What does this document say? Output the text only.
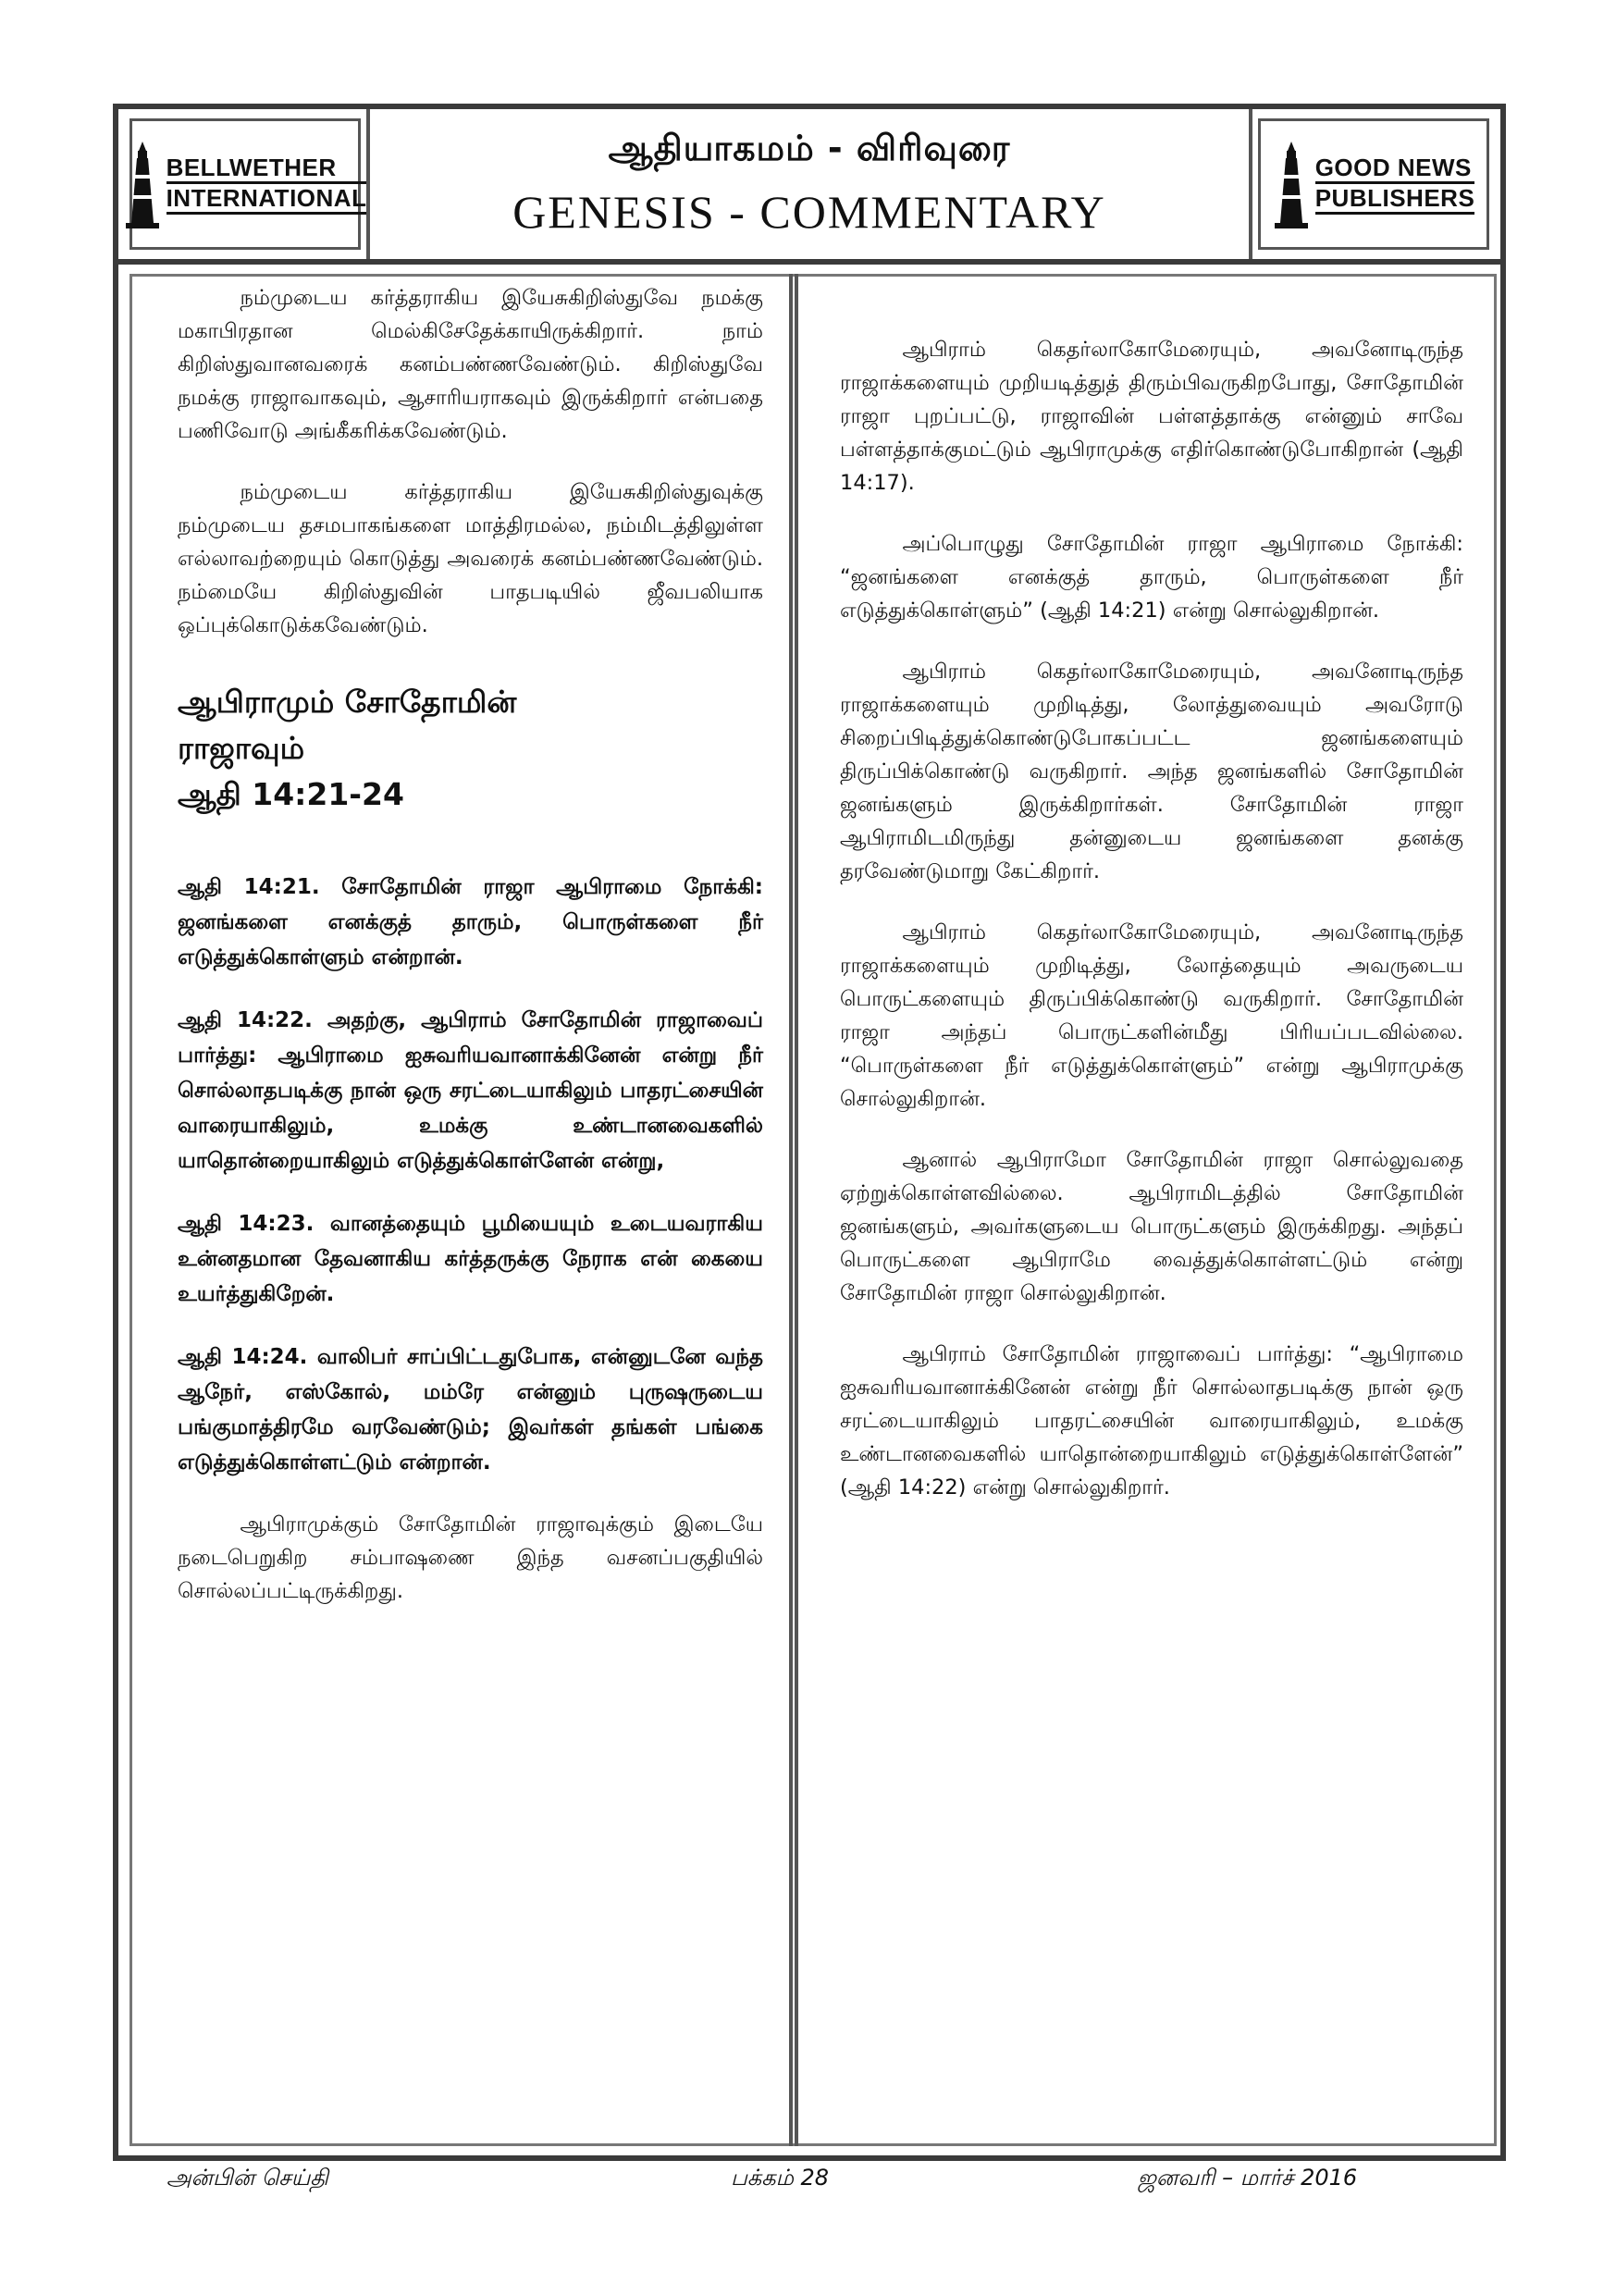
BELLWETHER
INTERNATIONAL
ஆதியாகமம் - விரிவுரை
GENESIS - COMMENTARY
GOOD NEWS
PUBLISHERS

நம்முடைய கர்த்தராகிய இயேசுகிறிஸ்துவே நமக்கு மகாபிரதான மெல்கிசேதேக்காயிருக்கிறார். நாம் கிறிஸ்துவானவரைக் கனம்பண்ணவேண்டும். கிறிஸ்துவே நமக்கு ராஜாவாகவும், ஆசாரியராகவும் இருக்கிறார் என்பதை பணிவோடு அங்கீகரிக்கவேண்டும்.

நம்முடைய கர்த்தராகிய இயேசுகிறிஸ்துவுக்கு நம்முடைய தசமபாகங்களை மாத்திரமல்ல, நம்மிடத்திலுள்ள எல்லாவற்றையும் கொடுத்து அவரைக் கனம்பண்ணவேண்டும். நம்மையே கிறிஸ்துவின் பாதபடியில் ஜீவபலியாக ஒப்புக்கொடுக்கவேண்டும்.

ஆபிராமும் சோதோமின்
ராஜாவும்
ஆதி 14:21-24

ஆதி 14:21. சோதோமின் ராஜா ஆபிராமை நோக்கி: ஜனங்களை எனக்குத் தாரும், பொருள்களை நீர் எடுத்துக்கொள்ளும் என்றான்.

ஆதி 14:22. அதற்கு, ஆபிராம் சோதோமின் ராஜாவைப் பார்த்து: ஆபிராமை ஐசுவரியவானாக்கினேன் என்று நீர் சொல்லாதபடிக்கு நான் ஒரு சரட்டையாகிலும் பாதரட்சையின் வாரையாகிலும், உமக்கு உண்டானவைகளில் யாதொன்றையாகிலும் எடுத்துக்கொள்ளேன் என்று,

ஆதி 14:23. வானத்தையும் பூமியையும் உடையவராகிய உன்னதமான தேவனாகிய கர்த்தருக்கு நேராக என் கையை உயர்த்துகிறேன்.

ஆதி 14:24. வாலிபர் சாப்பிட்டதுபோக, என்னுடனே வந்த ஆநேர், எஸ்கோல், மம்ரே என்னும் புருஷருடைய பங்குமாத்திரமே வரவேண்டும்; இவர்கள் தங்கள் பங்கை எடுத்துக்கொள்ளட்டும் என்றான்.

ஆபிராமுக்கும் சோதோமின் ராஜாவுக்கும் இடையே நடைபெறுகிற சம்பாஷணை இந்த வசனப்பகுதியில் சொல்லப்பட்டிருக்கிறது.

ஆபிராம் கெதர்லாகோமேரையும், அவனோடிருந்த ராஜாக்களையும் முறியடித்துத் திரும்பிவருகிறபோது, சோதோமின் ராஜா புறப்பட்டு, ராஜாவின் பள்ளத்தாக்கு என்னும் சாவே பள்ளத்தாக்குமட்டும் ஆபிராமுக்கு எதிர்கொண்டுபோகிறான் (ஆதி 14:17).

அப்பொழுது சோதோமின் ராஜா ஆபிராமை நோக்கி: “ஜனங்களை எனக்குத் தாரும், பொருள்களை நீர் எடுத்துக்கொள்ளும்” (ஆதி 14:21) என்று சொல்லுகிறான்.

ஆபிராம் கெதர்லாகோமேரையும், அவனோடிருந்த ராஜாக்களையும் முறிடித்து, லோத்துவையும் அவரோடு சிறைப்பிடித்துக்கொண்டுபோகப்பட்ட ஜனங்களையும் திருப்பிக்கொண்டு வருகிறார். அந்த ஜனங்களில் சோதோமின் ஜனங்களும் இருக்கிறார்கள். சோதோமின் ராஜா ஆபிராமிடமிருந்து தன்னுடைய ஜனங்களை தனக்கு தரவேண்டுமாறு கேட்கிறார்.

ஆபிராம் கெதர்லாகோமேரையும், அவனோடிருந்த ராஜாக்களையும் முறிடித்து, லோத்தையும் அவருடைய பொருட்களையும் திருப்பிக்கொண்டு வருகிறார். சோதோமின் ராஜா அந்தப் பொருட்களின்மீது பிரியப்படவில்லை. “பொருள்களை நீர் எடுத்துக்கொள்ளும்” என்று ஆபிராமுக்கு சொல்லுகிறான்.

ஆனால் ஆபிராமோ சோதோமின் ராஜா சொல்லுவதை ஏற்றுக்கொள்ளவில்லை. ஆபிராமிடத்தில் சோதோமின் ஜனங்களும், அவர்களுடைய பொருட்களும் இருக்கிறது. அந்தப் பொருட்களை ஆபிராமே வைத்துக்கொள்ளட்டும் என்று சோதோமின் ராஜா சொல்லுகிறான்.

ஆபிராம் சோதோமின் ராஜாவைப் பார்த்து: “ஆபிராமை ஐசுவரியவானாக்கினேன் என்று நீர் சொல்லாதபடிக்கு நான் ஒரு சரட்டையாகிலும் பாதரட்சையின் வாரையாகிலும், உமக்கு உண்டானவைகளில் யாதொன்றையாகிலும் எடுத்துக்கொள்ளேன்” (ஆதி 14:22) என்று சொல்லுகிறார்.

அன்பின் செய்தி	பக்கம் 28	ஜனவரி – மார்ச் 2016
